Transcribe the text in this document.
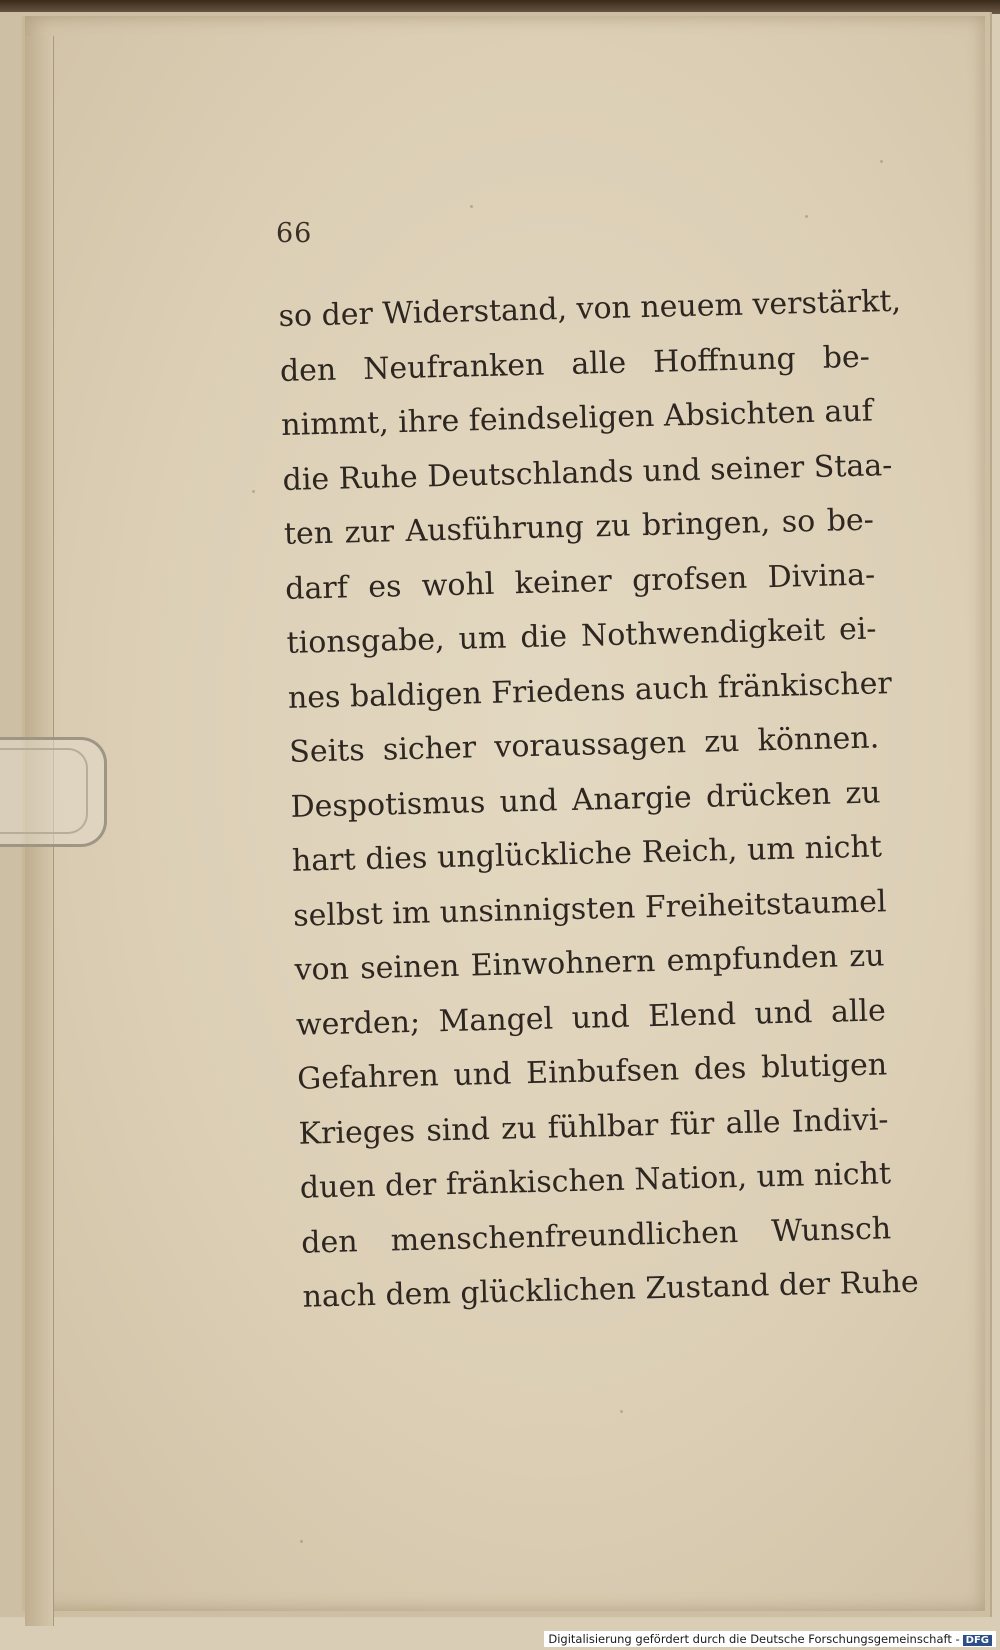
66
so der Widerstand, von neuem verstärkt,
den Neufranken alle Hoffnung be-
nimmt, ihre feindseligen Absichten auf
die Ruhe Deutschlands und seiner Staa-
ten zur Ausführung zu bringen, so be-
darf es wohl keiner grofsen Divina-
tionsgabe, um die Nothwendigkeit ei-
nes baldigen Friedens auch fränkischer
Seits sicher voraussagen zu können.
Despotismus und Anargie drücken zu
hart dies unglückliche Reich, um nicht
selbst im unsinnigsten Freiheitstaumel
von seinen Einwohnern empfunden zu
werden; Mangel und Elend und alle
Gefahren und Einbufsen des blutigen
Krieges sind zu fühlbar für alle Indivi-
duen der fränkischen Nation, um nicht
den menschenfreundlichen Wunsch
nach dem glücklichen Zustand der Ruhe
Digitalisierung gefördert durch die Deutsche Forschungsgemeinschaft - DFG
